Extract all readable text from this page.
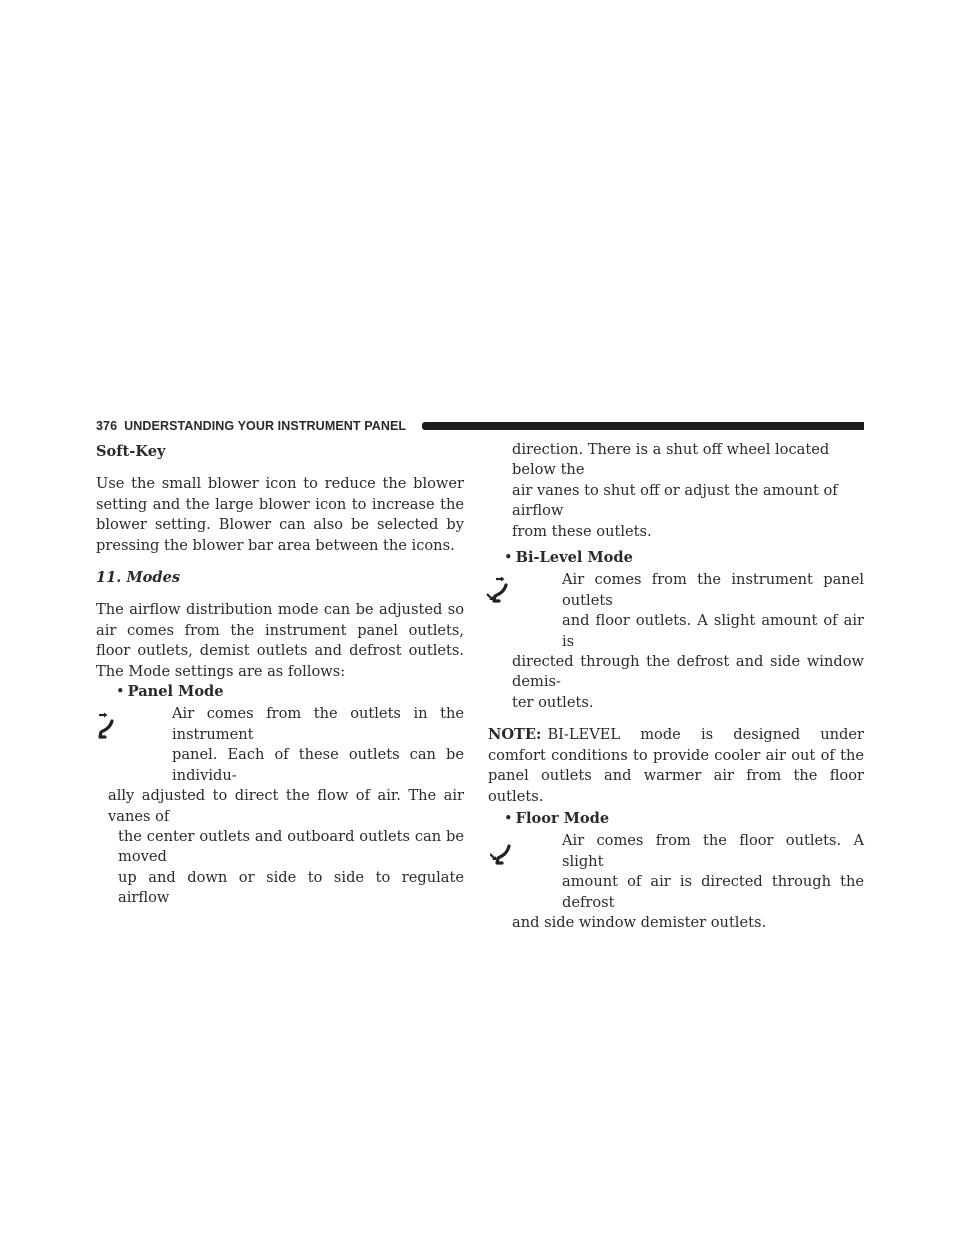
376 UNDERSTANDING YOUR INSTRUMENT PANEL

Soft-Key

Use the small blower icon to reduce the blower setting and the large blower icon to increase the blower setting. Blower can also be selected by pressing the blower bar area between the icons.

11. Modes

The airflow distribution mode can be adjusted so air comes from the instrument panel outlets, floor outlets, demist outlets and defrost outlets. The Mode settings are as follows:

• Panel Mode

Air comes from the outlets in the instrument

panel. Each of these outlets can be individu-

ally adjusted to direct the flow of air. The air vanes of

the center outlets and outboard outlets can be moved

up and down or side to side to regulate airflow

direction. There is a shut off wheel located below the

air vanes to shut off or adjust the amount of airflow

from these outlets.

• Bi-Level Mode

Air comes from the instrument panel outlets

and floor outlets. A slight amount of air is

directed through the defrost and side window demis-

ter outlets.

NOTE: BI-LEVEL mode is designed under comfort conditions to provide cooler air out of the panel outlets and warmer air from the floor outlets.

• Floor Mode

Air comes from the floor outlets. A slight

amount of air is directed through the defrost

and side window demister outlets.
